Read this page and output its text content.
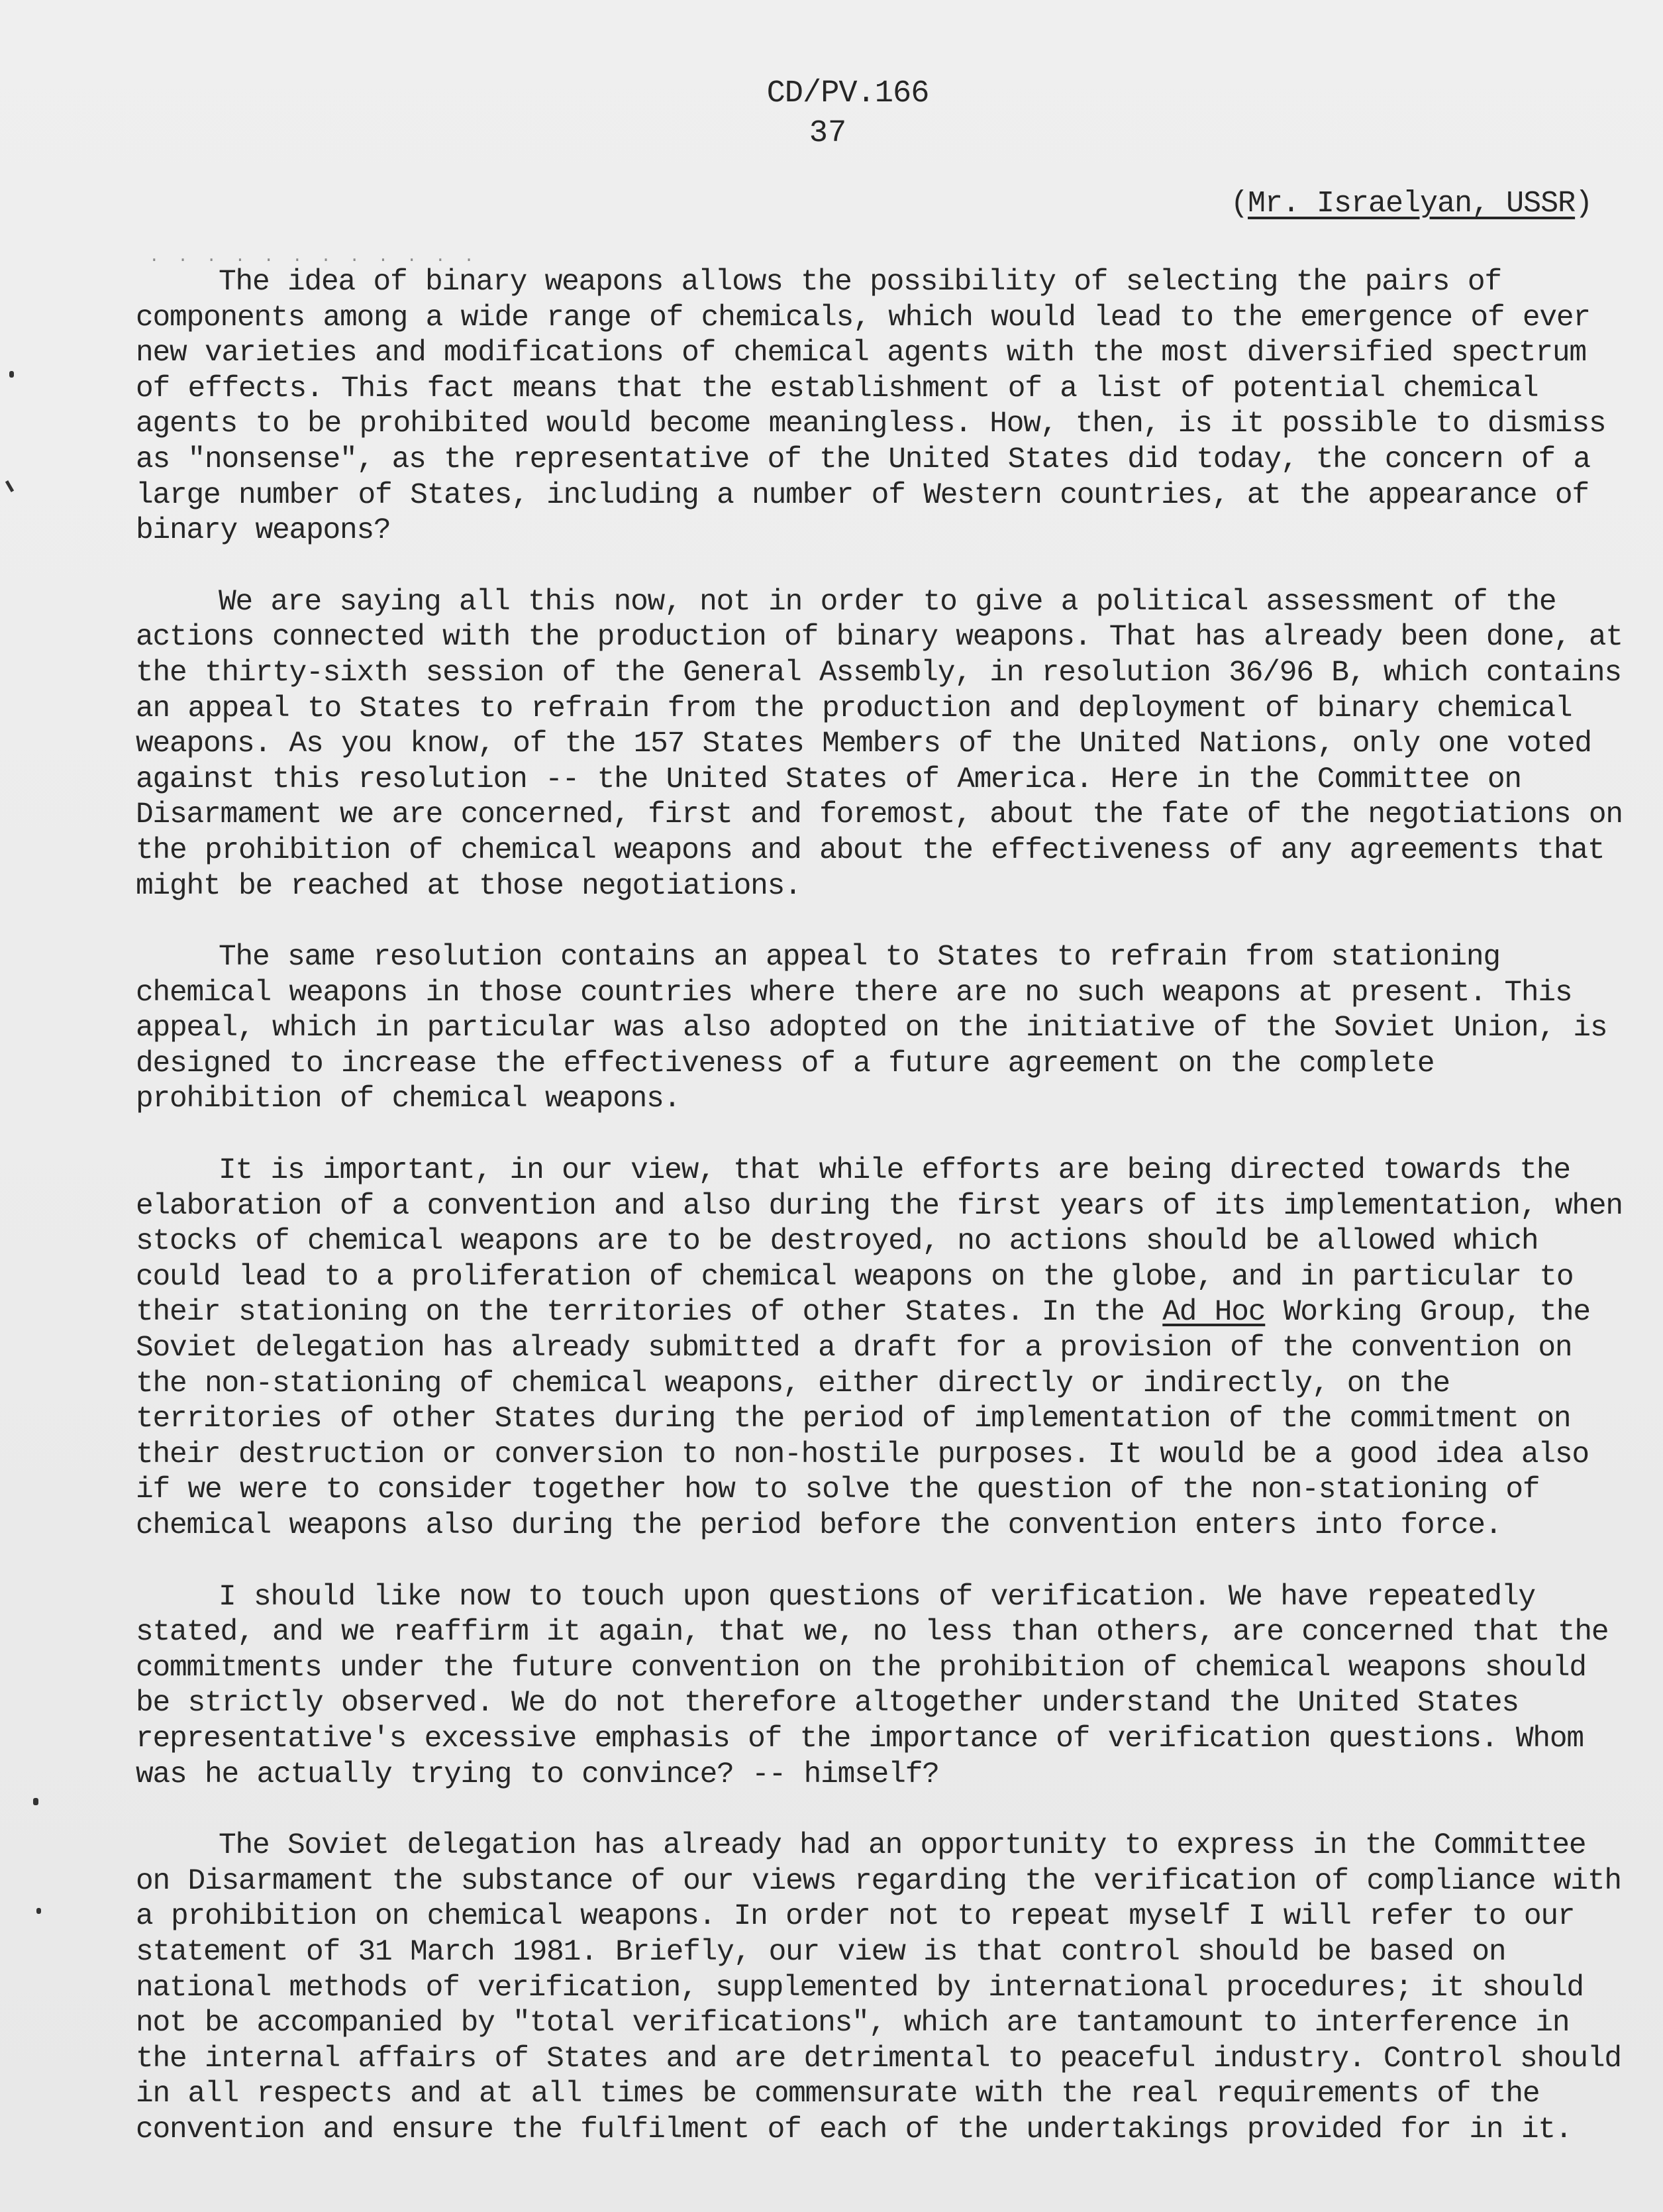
CD/PV.166
37
(Mr. Israelyan, USSR)
. . . . . . . . . . . .

The idea of binary weapons allows the possibility of selecting the pairs of components among a wide range of chemicals, which would lead to the emergence of ever new varieties and modifications of chemical agents with the most diversified spectrum of effects. This fact means that the establishment of a list of potential chemical agents to be prohibited would become meaningless. How, then, is it possible to dismiss as "nonsense", as the representative of the United States did today, the concern of a large number of States, including a number of Western countries, at the appearance of binary weapons?

We are saying all this now, not in order to give a political assessment of the actions connected with the production of binary weapons. That has already been done, at the thirty-sixth session of the General Assembly, in resolution 36/96 B, which contains an appeal to States to refrain from the production and deployment of binary chemical weapons. As you know, of the 157 States Members of the United Nations, only one voted against this resolution -- the United States of America. Here in the Committee on Disarmament we are concerned, first and foremost, about the fate of the negotiations on the prohibition of chemical weapons and about the effectiveness of any agreements that might be reached at those negotiations.

The same resolution contains an appeal to States to refrain from stationing chemical weapons in those countries where there are no such weapons at present. This appeal, which in particular was also adopted on the initiative of the Soviet Union, is designed to increase the effectiveness of a future agreement on the complete prohibition of chemical weapons.

It is important, in our view, that while efforts are being directed towards the elaboration of a convention and also during the first years of its implementation, when stocks of chemical weapons are to be destroyed, no actions should be allowed which could lead to a proliferation of chemical weapons on the globe, and in particular to their stationing on the territories of other States. In the Ad Hoc Working Group, the Soviet delegation has already submitted a draft for a provision of the convention on the non-stationing of chemical weapons, either directly or indirectly, on the territories of other States during the period of implementation of the commitment on their destruction or conversion to non-hostile purposes. It would be a good idea also if we were to consider together how to solve the question of the non-stationing of chemical weapons also during the period before the convention enters into force.

I should like now to touch upon questions of verification. We have repeatedly stated, and we reaffirm it again, that we, no less than others, are concerned that the commitments under the future convention on the prohibition of chemical weapons should be strictly observed. We do not therefore altogether understand the United States representative's excessive emphasis of the importance of verification questions. Whom was he actually trying to convince? -- himself?

The Soviet delegation has already had an opportunity to express in the Committee on Disarmament the substance of our views regarding the verification of compliance with a prohibition on chemical weapons. In order not to repeat myself I will refer to our statement of 31 March 1981. Briefly, our view is that control should be based on national methods of verification, supplemented by international procedures; it should not be accompanied by "total verifications", which are tantamount to interference in the internal affairs of States and are detrimental to peaceful industry. Control should in all respects and at all times be commensurate with the real requirements of the convention and ensure the fulfilment of each of the undertakings provided for in it.
